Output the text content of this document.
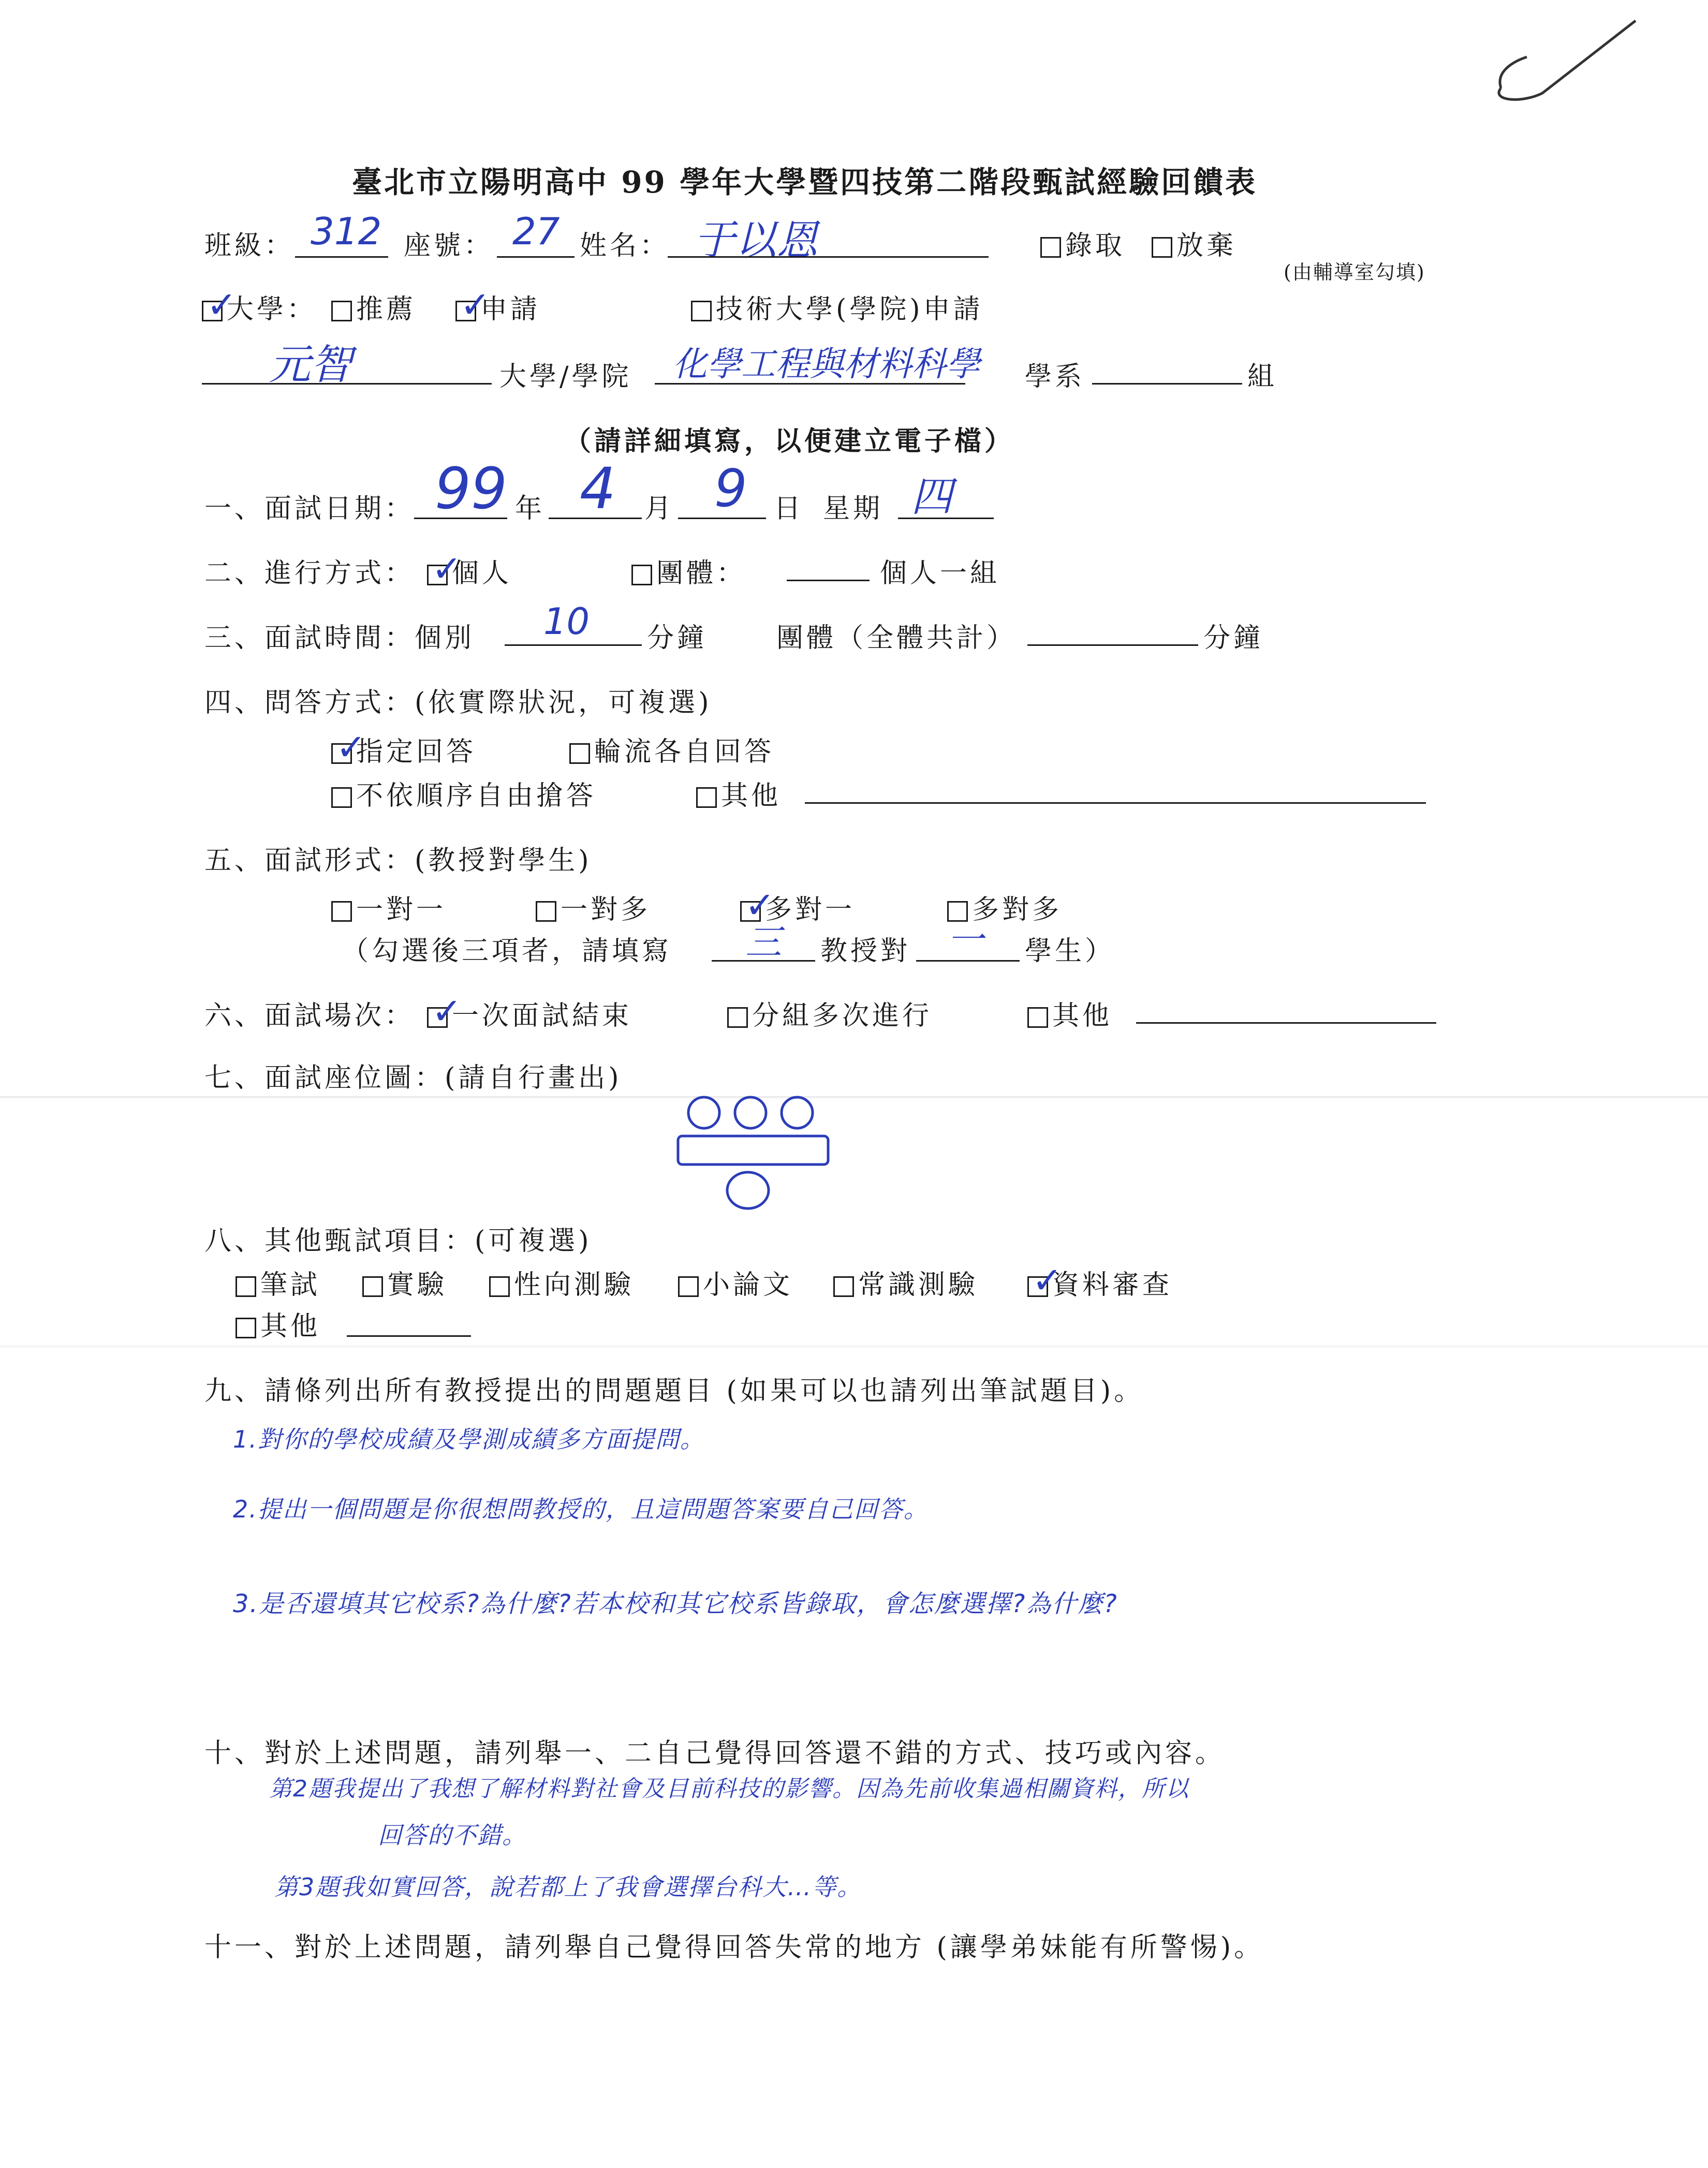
臺北市立陽明高中 99 學年大學暨四技第二階段甄試經驗回饋表
班級： 312 座號： 27 姓名： 于以恩	錄取	放棄
(由輔導室勾填)
✓大學：	推薦 ✓	申請	技術大學(學院)申請
元智	大學/學院 化學工程與材料科學 學系	組
（請詳細填寫，以便建立電子檔）
一、面試日期： 99 年 4 月 9 日 星期 四
二、進行方式： ✓	個人	團體：	個人一組
三、面試時間：個別 10 分鐘	團體（全體共計）	分鐘
四、問答方式：(依實際狀況，可複選)
✓指定回答	輪流各自回答
不依順序自由搶答	其他
五、面試形式：(教授對學生)
一對一	一對多 ✓	多對一	多對多
（勾選後三項者，請填寫 三 教授對 一 學生）
六、面試場次： ✓	一次面試結束	分組多次進行	其他
七、面試座位圖：(請自行畫出)
八、其他甄試項目：(可複選)
筆試	實驗	性向測驗	小論文	常識測驗 ✓	資料審查
其他
九、請條列出所有教授提出的問題題目 (如果可以也請列出筆試題目)。
1.對你的學校成績及學測成績多方面提問。
2.提出一個問題是你很想問教授的，且這問題答案要自己回答。
3.是否還填其它校系?為什麼?若本校和其它校系皆錄取，會怎麼選擇?為什麼?
十、對於上述問題，請列舉一、二自己覺得回答還不錯的方式、技巧或內容。
第2題我提出了我想了解材料對社會及目前科技的影響。因為先前收集過相關資料，所以
回答的不錯。
第3題我如實回答，說若都上了我會選擇台科大…等。
十一、對於上述問題，請列舉自己覺得回答失常的地方 (讓學弟妹能有所警惕)。
